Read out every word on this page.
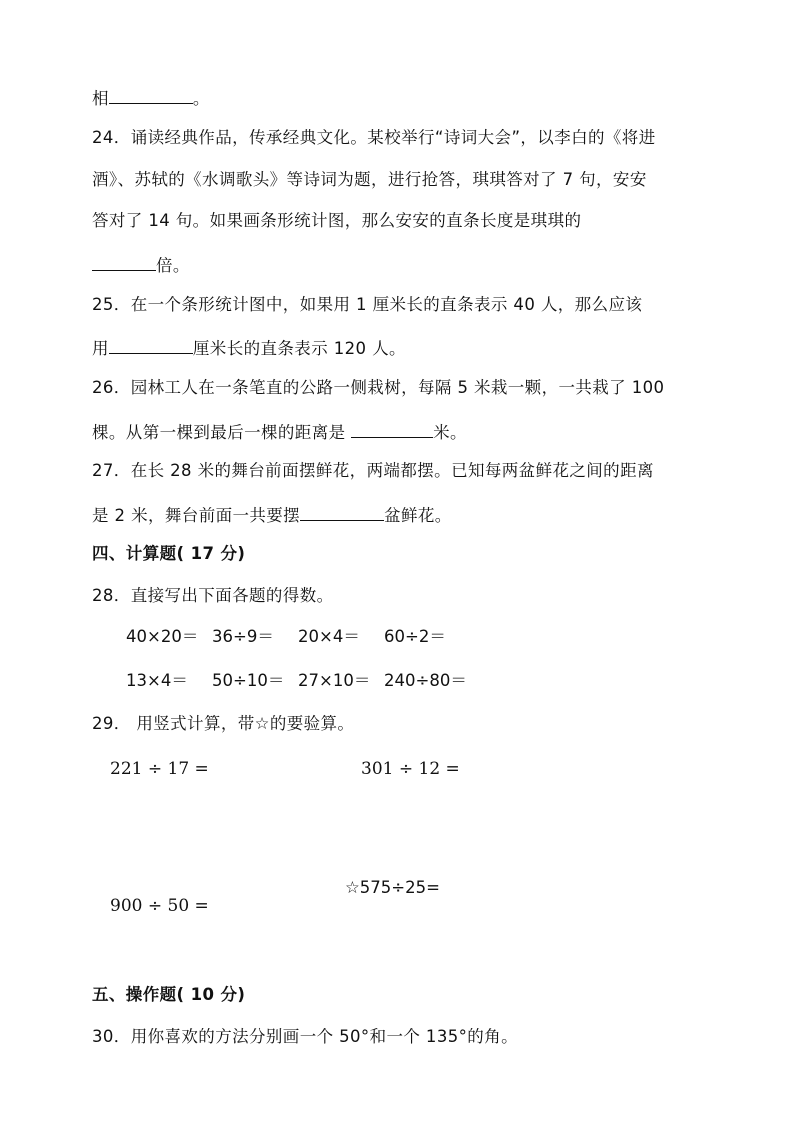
相	。
24．诵读经典作品，传承经典文化。某校举行“诗词大会”，以李白的《将进
酒》、苏轼的《水调歌头》等诗词为题，进行抢答，琪琪答对了 7 句，安安
答对了 14 句。如果画条形统计图，那么安安的直条长度是琪琪的
倍。
25．在一个条形统计图中，如果用 1 厘米长的直条表示 40 人，那么应该
用	厘米长的直条表示 120 人。
26．园林工人在一条笔直的公路一侧栽树，每隔 5 米栽一颗，一共栽了 100
棵。从第一棵到最后一棵的距离是	米。
27．在长 28 米的舞台前面摆鲜花，两端都摆。已知每两盆鲜花之间的距离
是 2 米，舞台前面一共要摆	盆鲜花。
四、计算题( 17 分)
28．直接写出下面各题的得数。
40×20＝ 36÷9＝ 20×4＝ 60÷2＝
13×4＝ 50÷10＝ 27×10＝ 240÷80＝
29． 用竖式计算，带☆的要验算。
221 ÷ 17 =	301 ÷ 12 =
☆575÷25=
900 ÷ 50 =
五、操作题( 10 分)
30．用你喜欢的方法分别画一个 50°和一个 135°的角。
